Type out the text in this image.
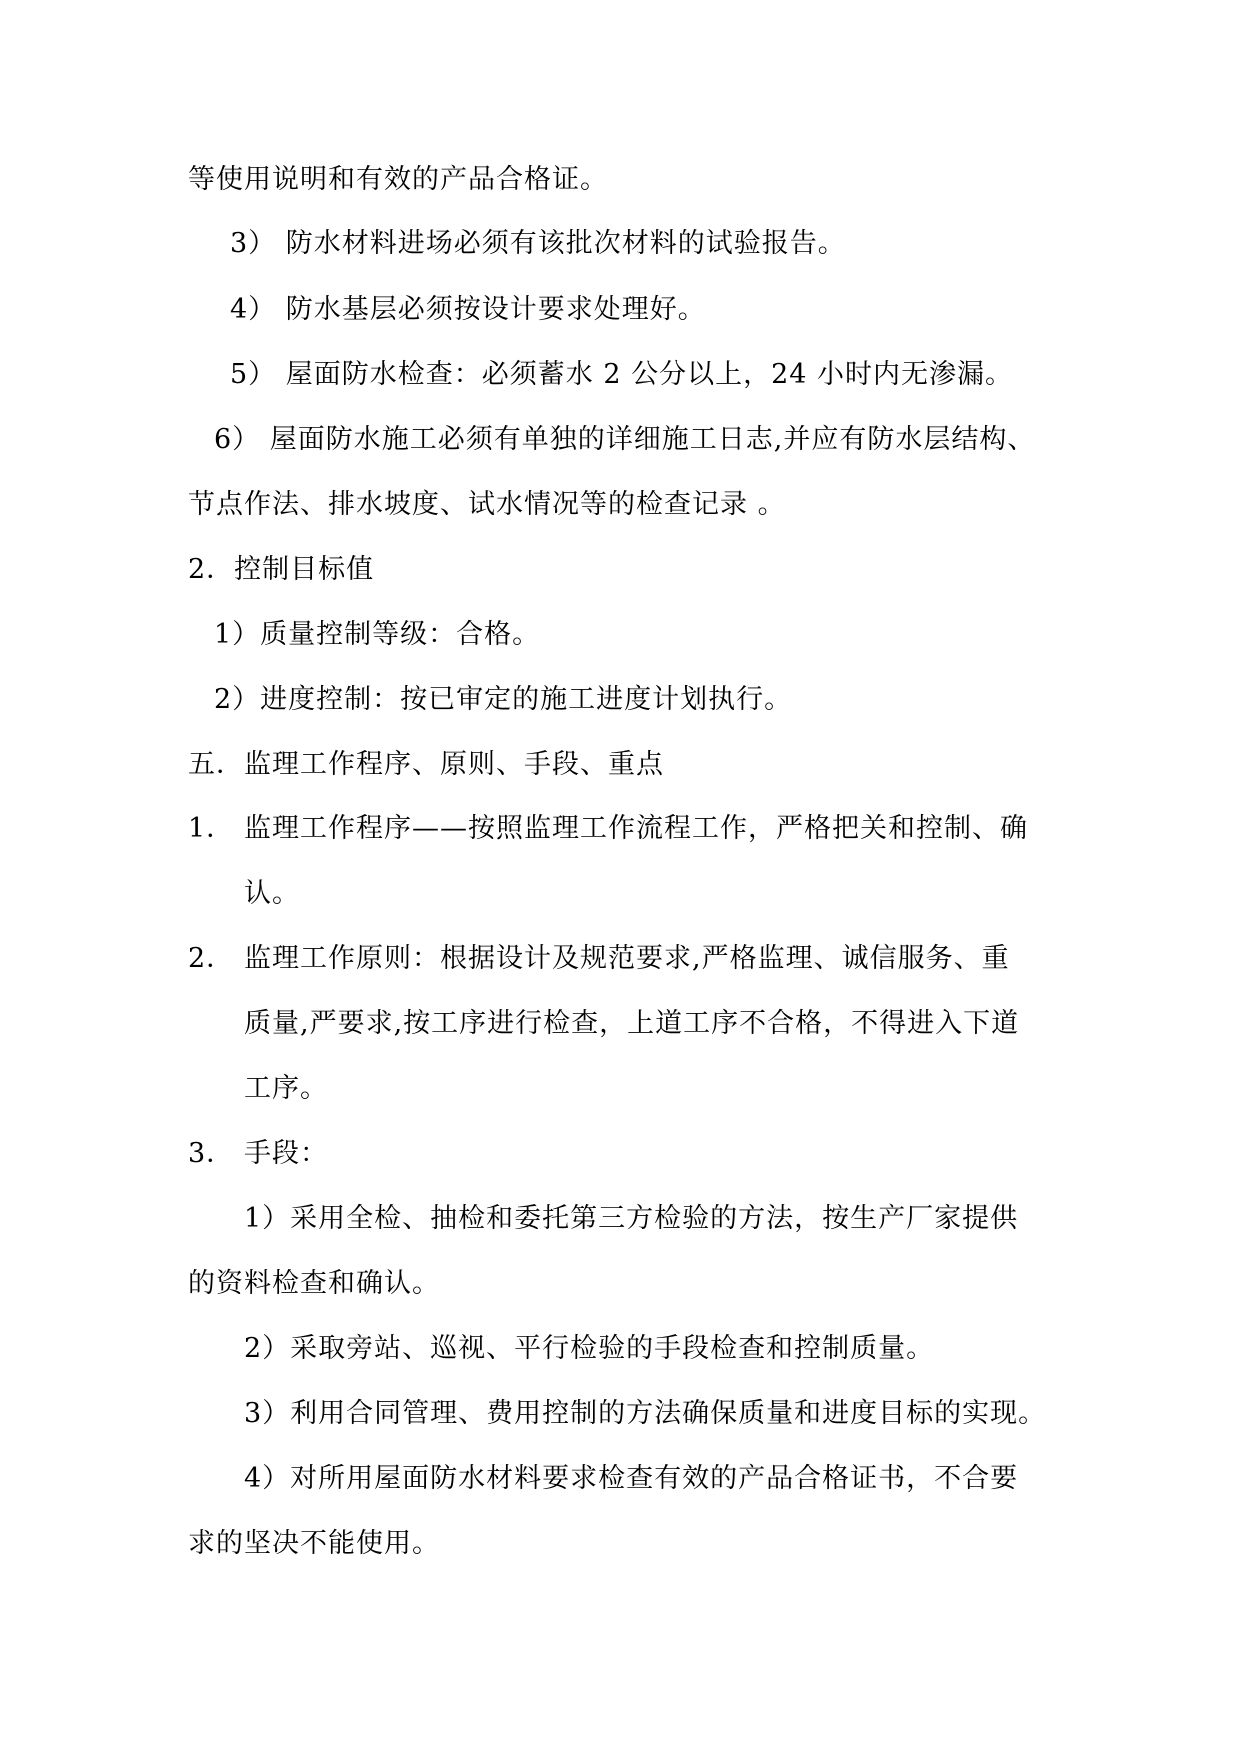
等使用说明和有效的产品合格证。
3） 防水材料进场必须有该批次材料的试验报告。
4） 防水基层必须按设计要求处理好。
5） 屋面防水检查：必须蓄水 2 公分以上，24 小时内无渗漏。
6） 屋面防水施工必须有单独的详细施工日志,并应有防水层结构、
节点作法、排水坡度、试水情况等的检查记录 。
2．控制目标值
1）质量控制等级：合格。
2）进度控制：按已审定的施工进度计划执行。
五．监理工作程序、原则、手段、重点
1． 监理工作程序——按照监理工作流程工作，严格把关和控制、确
认。
2． 监理工作原则：根据设计及规范要求,严格监理、诚信服务、重
质量,严要求,按工序进行检查，上道工序不合格，不得进入下道
工序。
3． 手段：
1）采用全检、抽检和委托第三方检验的方法，按生产厂家提供
的资料检查和确认。
2）采取旁站、巡视、平行检验的手段检查和控制质量。
3）利用合同管理、费用控制的方法确保质量和进度目标的实现。
4）对所用屋面防水材料要求检查有效的产品合格证书，不合要
求的坚决不能使用。
